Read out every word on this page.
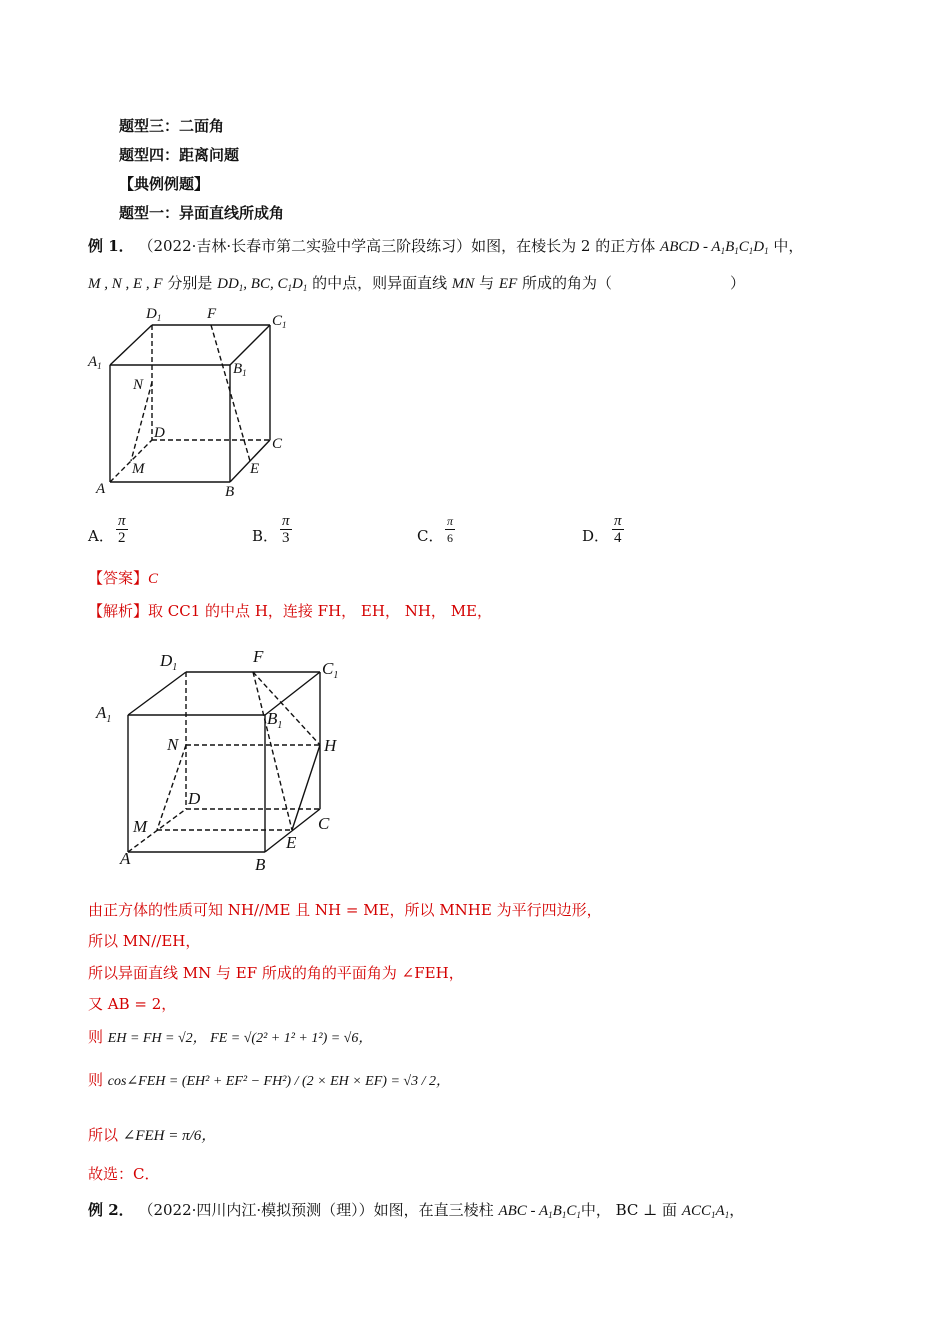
题型三：二面角
题型四：距离问题
【典例例题】
题型一：异面直线所成角
例 1． （2022·吉林·长春市第二实验中学高三阶段练习）如图，在棱长为 2 的正方体 ABCD - $A_1B_1C_1D_1$ 中，
M , N , E , F 分别是 $DD_1$, BC, $C_1D_1$ 的中点，则异面直线 MN 与 EF 所成的角为（	）
$D_1$	F	$C_1$
$A_1$	$B_1$
N
D
C
M	E
A	B
A． $\frac{\pi}{2}$	B． $\frac{\pi}{3}$	C． $\frac{\pi}{6}$	D． $\frac{\pi}{4}$
【答案】C
【解析】取 CC1 的中点 H，连接 FH， EH， NH， ME，
$D_1$
F
$C_1$
$A_1$	$B_1$
N	H
D
M	C
E
A	B
由正方体的性质可知 NH//ME 且 NH = ME，所以 MNHE 为平行四边形，
所以 MN//EH，
所以异面直线 MN 与 EF 所成的角的平面角为 ∠FEH，
又 AB = 2，
则 EH = FH = √2， FE = √(2² + 1² + 1²) = √6，
则 cos∠FEH = (EH² + EF² − FH²) / (2 × EH × EF) = √3 / 2，
所以 ∠FEH = π/6，
故选：C．
例 2． （2022·四川内江·模拟预测（理））如图，在直三棱柱 ABC - $A_1B_1C_1$中， BC ⊥ 面 $ACC_1A_1$，
